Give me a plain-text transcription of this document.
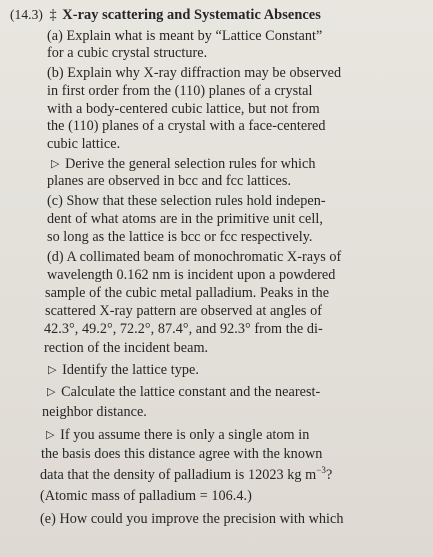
(14.3) ‡ X-ray scattering and Systematic Absences
(a) Explain what is meant by “Lattice Constant”
for a cubic crystal structure.
(b) Explain why X-ray diffraction may be observed
in first order from the (110) planes of a crystal
with a body-centered cubic lattice, but not from
the (110) planes of a crystal with a face-centered
cubic lattice.
▷ Derive the general selection rules for which
planes are observed in bcc and fcc lattices.
(c) Show that these selection rules hold indepen-
dent of what atoms are in the primitive unit cell,
so long as the lattice is bcc or fcc respectively.
(d) A collimated beam of monochromatic X-rays of
wavelength 0.162 nm is incident upon a powdered
sample of the cubic metal palladium. Peaks in the
scattered X-ray pattern are observed at angles of
42.3°, 49.2°, 72.2°, 87.4°, and 92.3° from the di-
rection of the incident beam.
▷ Identify the lattice type.
▷ Calculate the lattice constant and the nearest-
neighbor distance.
▷ If you assume there is only a single atom in
the basis does this distance agree with the known
data that the density of palladium is 12023 kg $m^{-3}$?
(Atomic mass of palladium = 106.4.)
(e) How could you improve the precision with which
